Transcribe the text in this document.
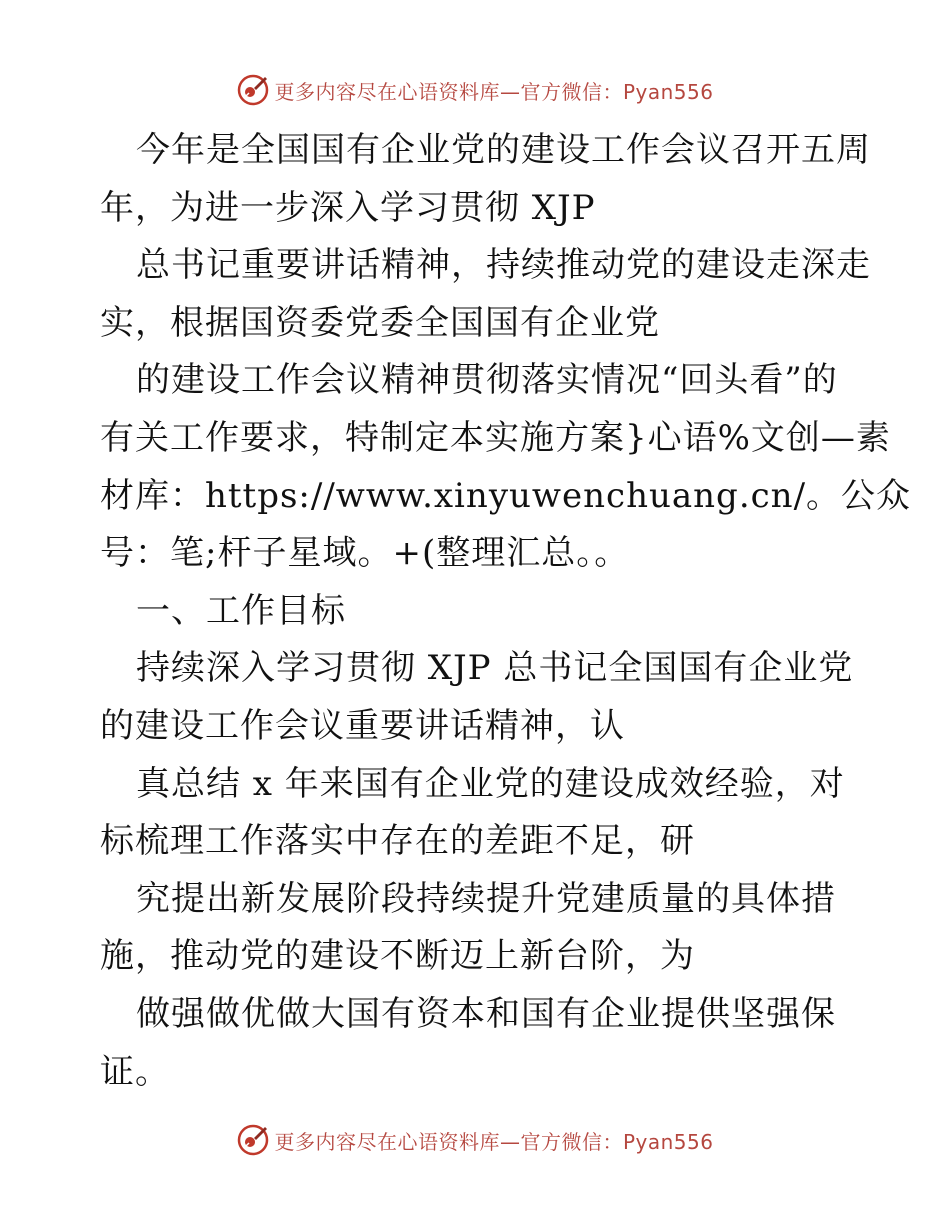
更多内容尽在心语资料库—官方微信：Pyan556
今年是全国国有企业党的建设工作会议召开五周
年，为进一步深入学习贯彻 XJP
总书记重要讲话精神，持续推动党的建设走深走
实，根据国资委党委全国国有企业党
的建设工作会议精神贯彻落实情况“回头看”的
有关工作要求，特制定本实施方案}心语%文创—素
材库：https://www.xinyuwenchuang.cn/。公众
号：笔;杆子星域。+(整理汇总。。
一、工作目标
持续深入学习贯彻 XJP 总书记全国国有企业党
的建设工作会议重要讲话精神，认
真总结 x 年来国有企业党的建设成效经验，对
标梳理工作落实中存在的差距不足，研
究提出新发展阶段持续提升党建质量的具体措
施，推动党的建设不断迈上新台阶，为
做强做优做大国有资本和国有企业提供坚强保
证。
更多内容尽在心语资料库—官方微信：Pyan556
